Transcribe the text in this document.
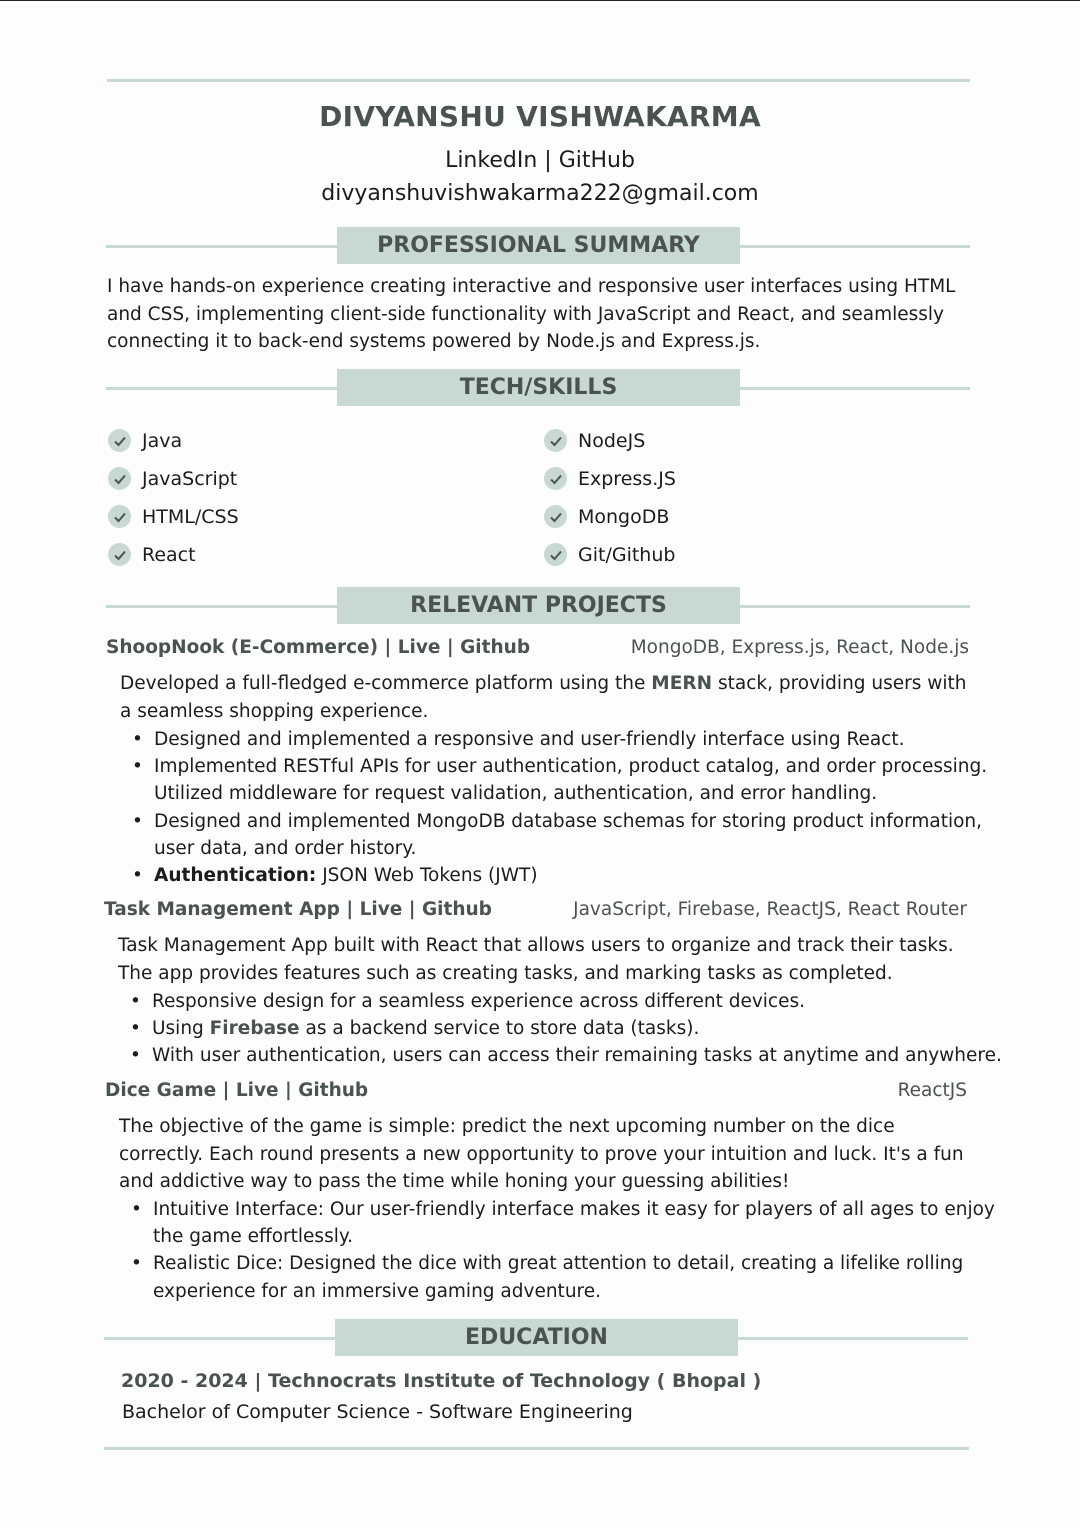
DIVYANSHU VISHWAKARMA
LinkedIn | GitHub
divyanshuvishwakarma222@gmail.com
PROFESSIONAL SUMMARY
I have hands-on experience creating interactive and responsive user interfaces using HTML and CSS, implementing client-side functionality with JavaScript and React, and seamlessly connecting it to back-end systems powered by Node.js and Express.js.
TECH/SKILLS
Java
JavaScript
HTML/CSS
React
NodeJS
Express.JS
MongoDB
Git/Github
RELEVANT PROJECTS
ShoopNook (E-Commerce) | Live | Github	MongoDB, Express.js, React, Node.js
Developed a full-fledged e-commerce platform using the MERN stack, providing users with a seamless shopping experience.
• Designed and implemented a responsive and user-friendly interface using React.
• Implemented RESTful APIs for user authentication, product catalog, and order processing. Utilized middleware for request validation, authentication, and error handling.
• Designed and implemented MongoDB database schemas for storing product information, user data, and order history.
• Authentication: JSON Web Tokens (JWT)
Task Management App | Live | Github	JavaScript, Firebase, ReactJS, React Router
Task Management App built with React that allows users to organize and track their tasks. The app provides features such as creating tasks, and marking tasks as completed.
• Responsive design for a seamless experience across different devices.
• Using Firebase as a backend service to store data (tasks).
• With user authentication, users can access their remaining tasks at anytime and anywhere.
Dice Game | Live | Github	ReactJS
The objective of the game is simple: predict the next upcoming number on the dice correctly. Each round presents a new opportunity to prove your intuition and luck. It's a fun and addictive way to pass the time while honing your guessing abilities!
• Intuitive Interface: Our user-friendly interface makes it easy for players of all ages to enjoy the game effortlessly.
• Realistic Dice: Designed the dice with great attention to detail, creating a lifelike rolling experience for an immersive gaming adventure.
EDUCATION
2020 - 2024 | Technocrats Institute of Technology ( Bhopal )
Bachelor of Computer Science - Software Engineering
